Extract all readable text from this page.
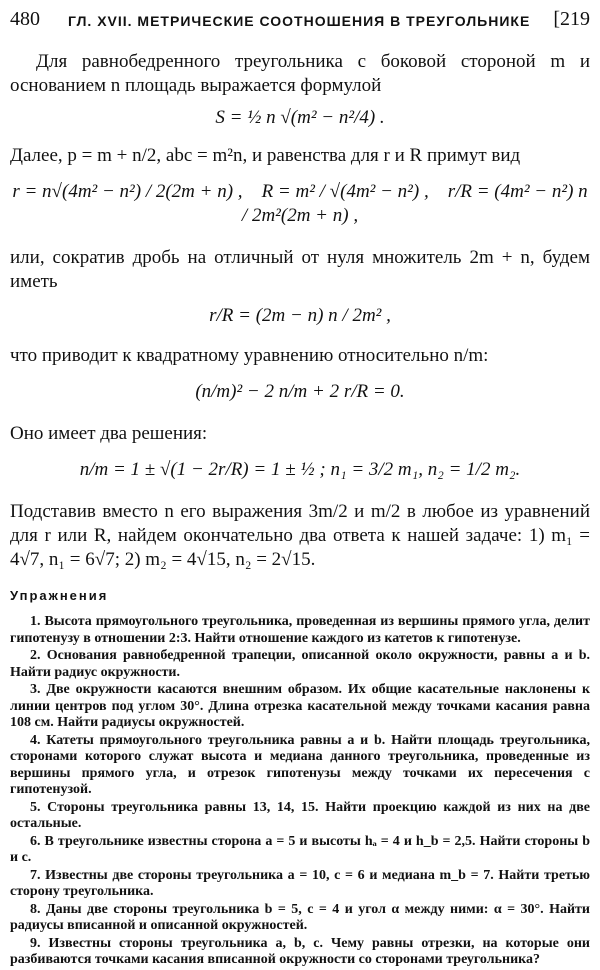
480 ГЛ. XVII. МЕТРИЧЕСКИЕ СООТНОШЕНИЯ В ТРЕУГОЛЬНИКЕ [219

Для равнобедренного треугольника с боковой стороной m и основанием n площадь выражается формулой

S = ½ n √(m² − n²/4) .

Далее, p = m + n/2, abc = m²n, и равенства для r и R примут вид

r = n√(4m² − n²) / 2(2m + n) , R = m² / √(4m² − n²) , r/R = (4m² − n²) n / 2m²(2m + n) ,

или, сократив дробь на отличный от нуля множитель 2m + n, будем иметь

r/R = (2m − n) n / 2m² ,

что приводит к квадратному уравнению относительно n/m:

(n/m)² − 2 n/m + 2 r/R = 0.

Оно имеет два решения:

n/m = 1 ± √(1 − 2r/R) = 1 ± ½ ; n₁ = 3/2 m₁, n₂ = 1/2 m₂.

Подставив вместо n его выражения 3m/2 и m/2 в любое из уравнений для r или R, найдем окончательно два ответа к нашей задаче: 1) m₁ = 4√7, n₁ = 6√7; 2) m₂ = 4√15, n₂ = 2√15.

Упражнения

1. Высота прямоугольного треугольника, проведенная из вершины прямого угла, делит гипотенузу в отношении 2:3. Найти отношение каждого из катетов к гипотенузе.

2. Основания равнобедренной трапеции, описанной около окружности, равны a и b. Найти радиус окружности.

3. Две окружности касаются внешним образом. Их общие касательные наклонены к линии центров под углом 30°. Длина отрезка касательной между точками касания равна 108 см. Найти радиусы окружностей.

4. Катеты прямоугольного треугольника равны a и b. Найти площадь треугольника, сторонами которого служат высота и медиана данного треугольника, проведенные из вершины прямого угла, и отрезок гипотенузы между точками их пересечения с гипотенузой.

5. Стороны треугольника равны 13, 14, 15. Найти проекцию каждой из них на две остальные.

6. В треугольнике известны сторона a = 5 и высоты hₐ = 4 и h_b = 2,5. Найти стороны b и c.

7. Известны две стороны треугольника a = 10, c = 6 и медиана m_b = 7. Найти третью сторону треугольника.

8. Даны две стороны треугольника b = 5, c = 4 и угол α между ними: α = 30°. Найти радиусы вписанной и описанной окружностей.

9. Известны стороны треугольника a, b, c. Чему равны отрезки, на которые они разбиваются точками касания вписанной окружности со сторонами треугольника?
